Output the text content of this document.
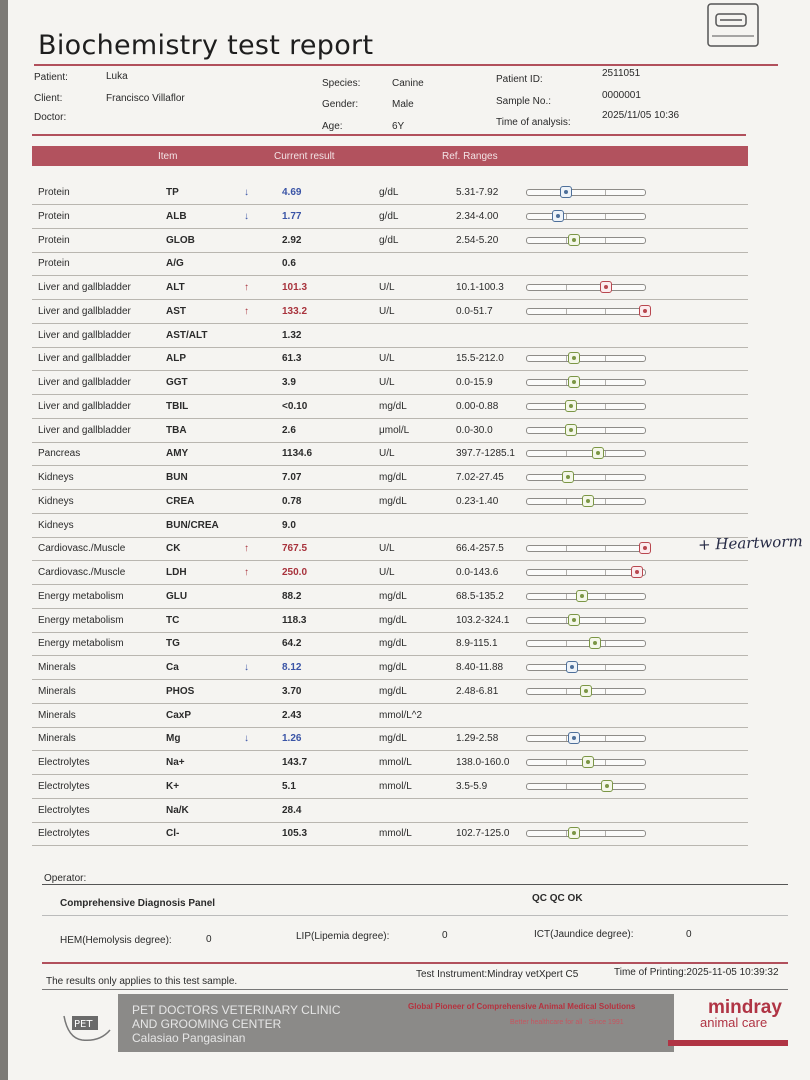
Biochemistry test report
Patient:	Luka
Client:	Francisco Villaflor
Doctor:
Species:	Canine
Gender:	Male
Age:	6Y
Patient ID:
2511051
Sample No.:
0000001
Time of analysis:
2025/11/05 10:36
Item	Current result	Ref. Ranges
Protein	TP	↓	4.69	g/dL	5.31-7.92
Protein	ALB	↓	1.77	g/dL	2.34-4.00
Protein	GLOB	2.92	g/dL	2.54-5.20
Protein	A/G	0.6
Liver and gallbladder	ALT	↑	101.3	U/L	10.1-100.3
Liver and gallbladder	AST	↑	133.2	U/L	0.0-51.7
Liver and gallbladder	AST/ALT	1.32
Liver and gallbladder	ALP	61.3	U/L	15.5-212.0
Liver and gallbladder	GGT	3.9	U/L	0.0-15.9
Liver and gallbladder	TBIL	<0.10	mg/dL	0.00-0.88
Liver and gallbladder	TBA	2.6	μmol/L	0.0-30.0
Pancreas	AMY	1134.6	U/L	397.7-1285.1
Kidneys	BUN	7.07	mg/dL	7.02-27.45
Kidneys	CREA	0.78	mg/dL	0.23-1.40
Kidneys	BUN/CREA	9.0
Cardiovasc./Muscle	CK	↑	767.5	U/L	66.4-257.5
Cardiovasc./Muscle	LDH	↑	250.0	U/L	0.0-143.6
Energy metabolism	GLU	88.2	mg/dL	68.5-135.2
Energy metabolism	TC	118.3	mg/dL	103.2-324.1
Energy metabolism	TG	64.2	mg/dL	8.9-115.1
Minerals	Ca	↓	8.12	mg/dL	8.40-11.88
Minerals	PHOS	3.70	mg/dL	2.48-6.81
Minerals	CaxP	2.43	mmol/L^2
Minerals	Mg	↓	1.26	mg/dL	1.29-2.58
Electrolytes	Na+	143.7	mmol/L	138.0-160.0
Electrolytes	K+	5.1	mmol/L	3.5-5.9
Electrolytes	Na/K	28.4
Electrolytes	Cl-	105.3	mmol/L	102.7-125.0
+ Heartworm
Operator:
Comprehensive Diagnosis Panel	QC QC OK
HEM(Hemolysis degree):	0	LIP(Lipemia degree):	0	ICT(Jaundice degree):	0
The results only applies to this test sample.
Test Instrument:Mindray vetXpert C5	Time of Printing:2025-11-05 10:39:32
PET
PET DOCTORS VETERINARY CLINIC
AND GROOMING CENTER
Calasiao Pangasinan
Global Pioneer of Comprehensive Animal Medical Solutions
Better healthcare for all · Since 1991
mindray
animal care
